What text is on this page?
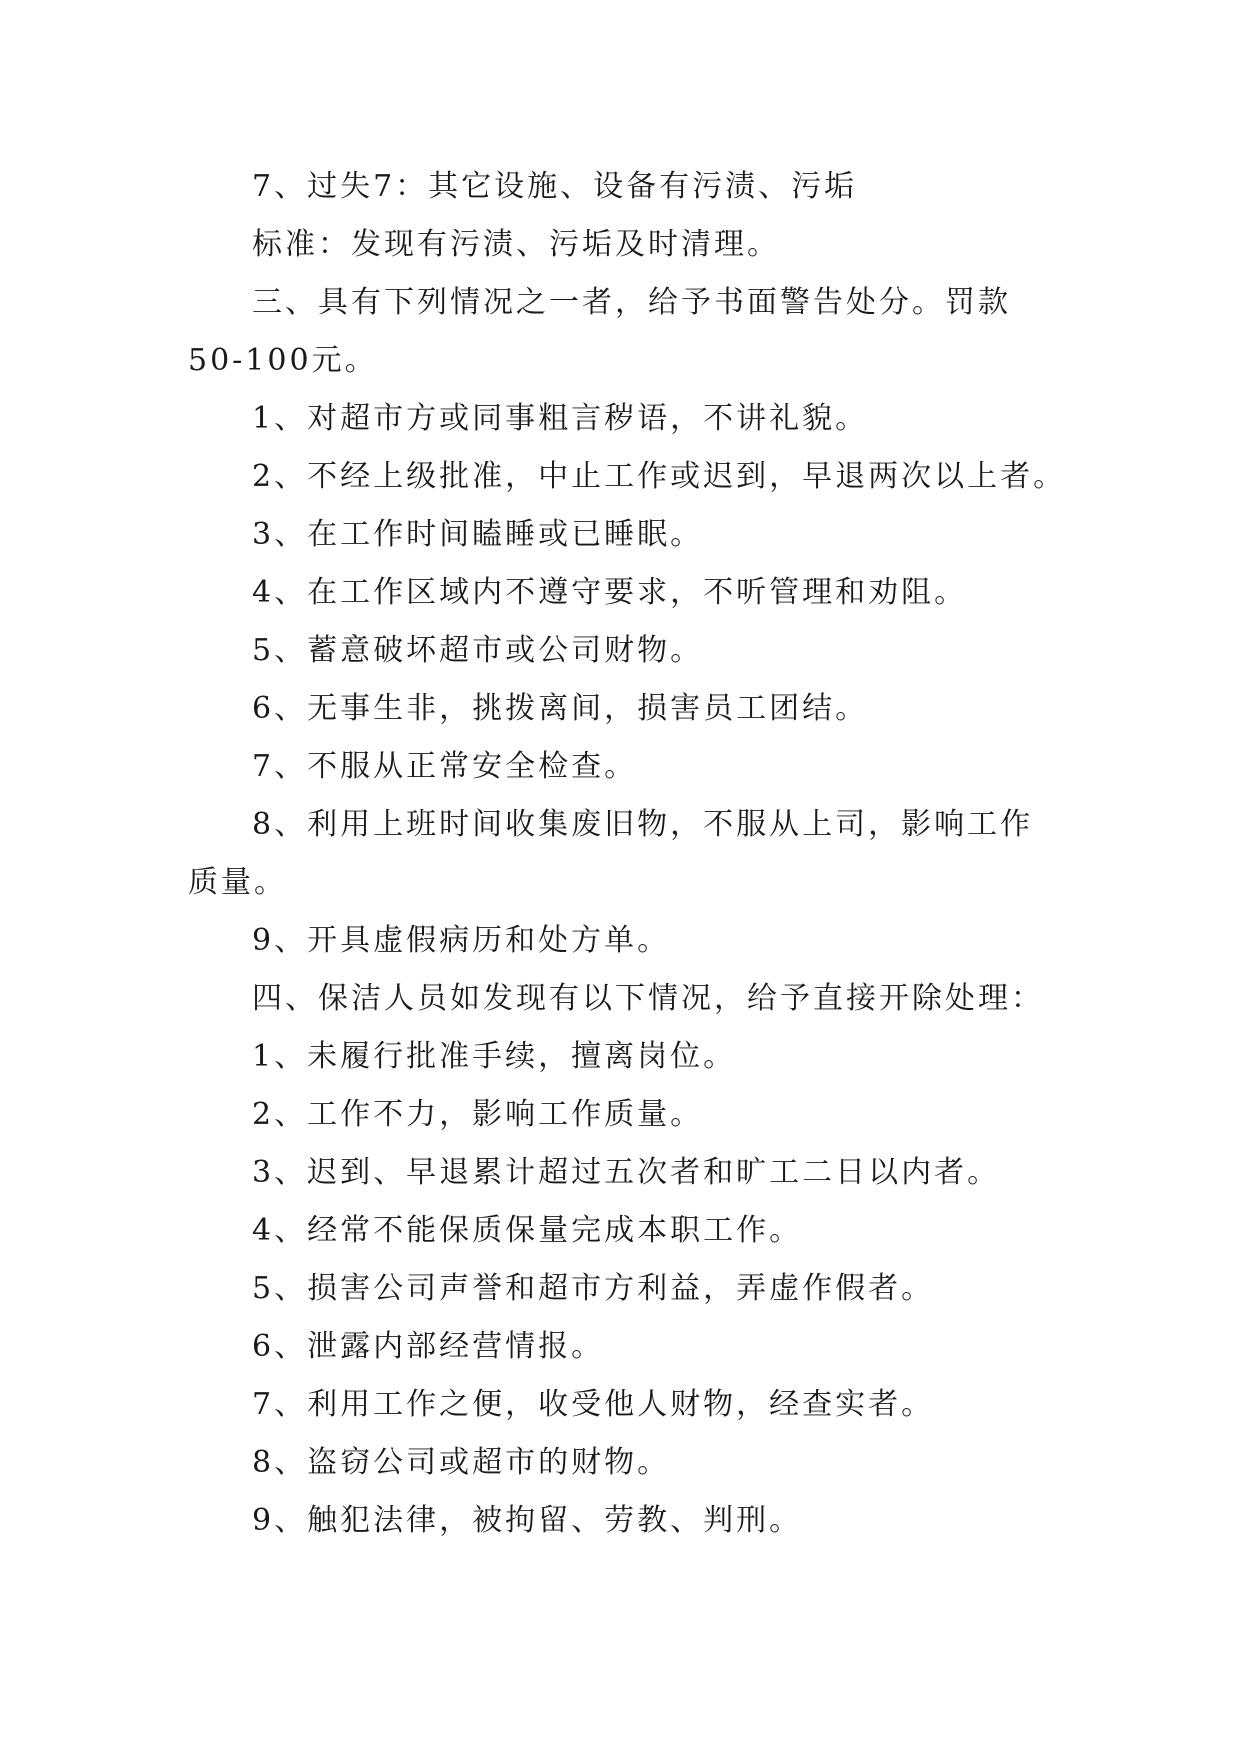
7、过失7：其它设施、设备有污渍、污垢
标准：发现有污渍、污垢及时清理。
三、具有下列情况之一者，给予书面警告处分。罚款
50-100元。
1、对超市方或同事粗言秽语，不讲礼貌。
2、不经上级批准，中止工作或迟到，早退两次以上者。
3、在工作时间瞌睡或已睡眠。
4、在工作区域内不遵守要求，不听管理和劝阻。
5、蓄意破坏超市或公司财物。
6、无事生非，挑拨离间，损害员工团结。
7、不服从正常安全检查。
8、利用上班时间收集废旧物，不服从上司，影响工作
质量。
9、开具虚假病历和处方单。
四、保洁人员如发现有以下情况，给予直接开除处理：
1、未履行批准手续，擅离岗位。
2、工作不力，影响工作质量。
3、迟到、早退累计超过五次者和旷工二日以内者。
4、经常不能保质保量完成本职工作。
5、损害公司声誉和超市方利益，弄虚作假者。
6、泄露内部经营情报。
7、利用工作之便，收受他人财物，经查实者。
8、盗窃公司或超市的财物。
9、触犯法律，被拘留、劳教、判刑。
